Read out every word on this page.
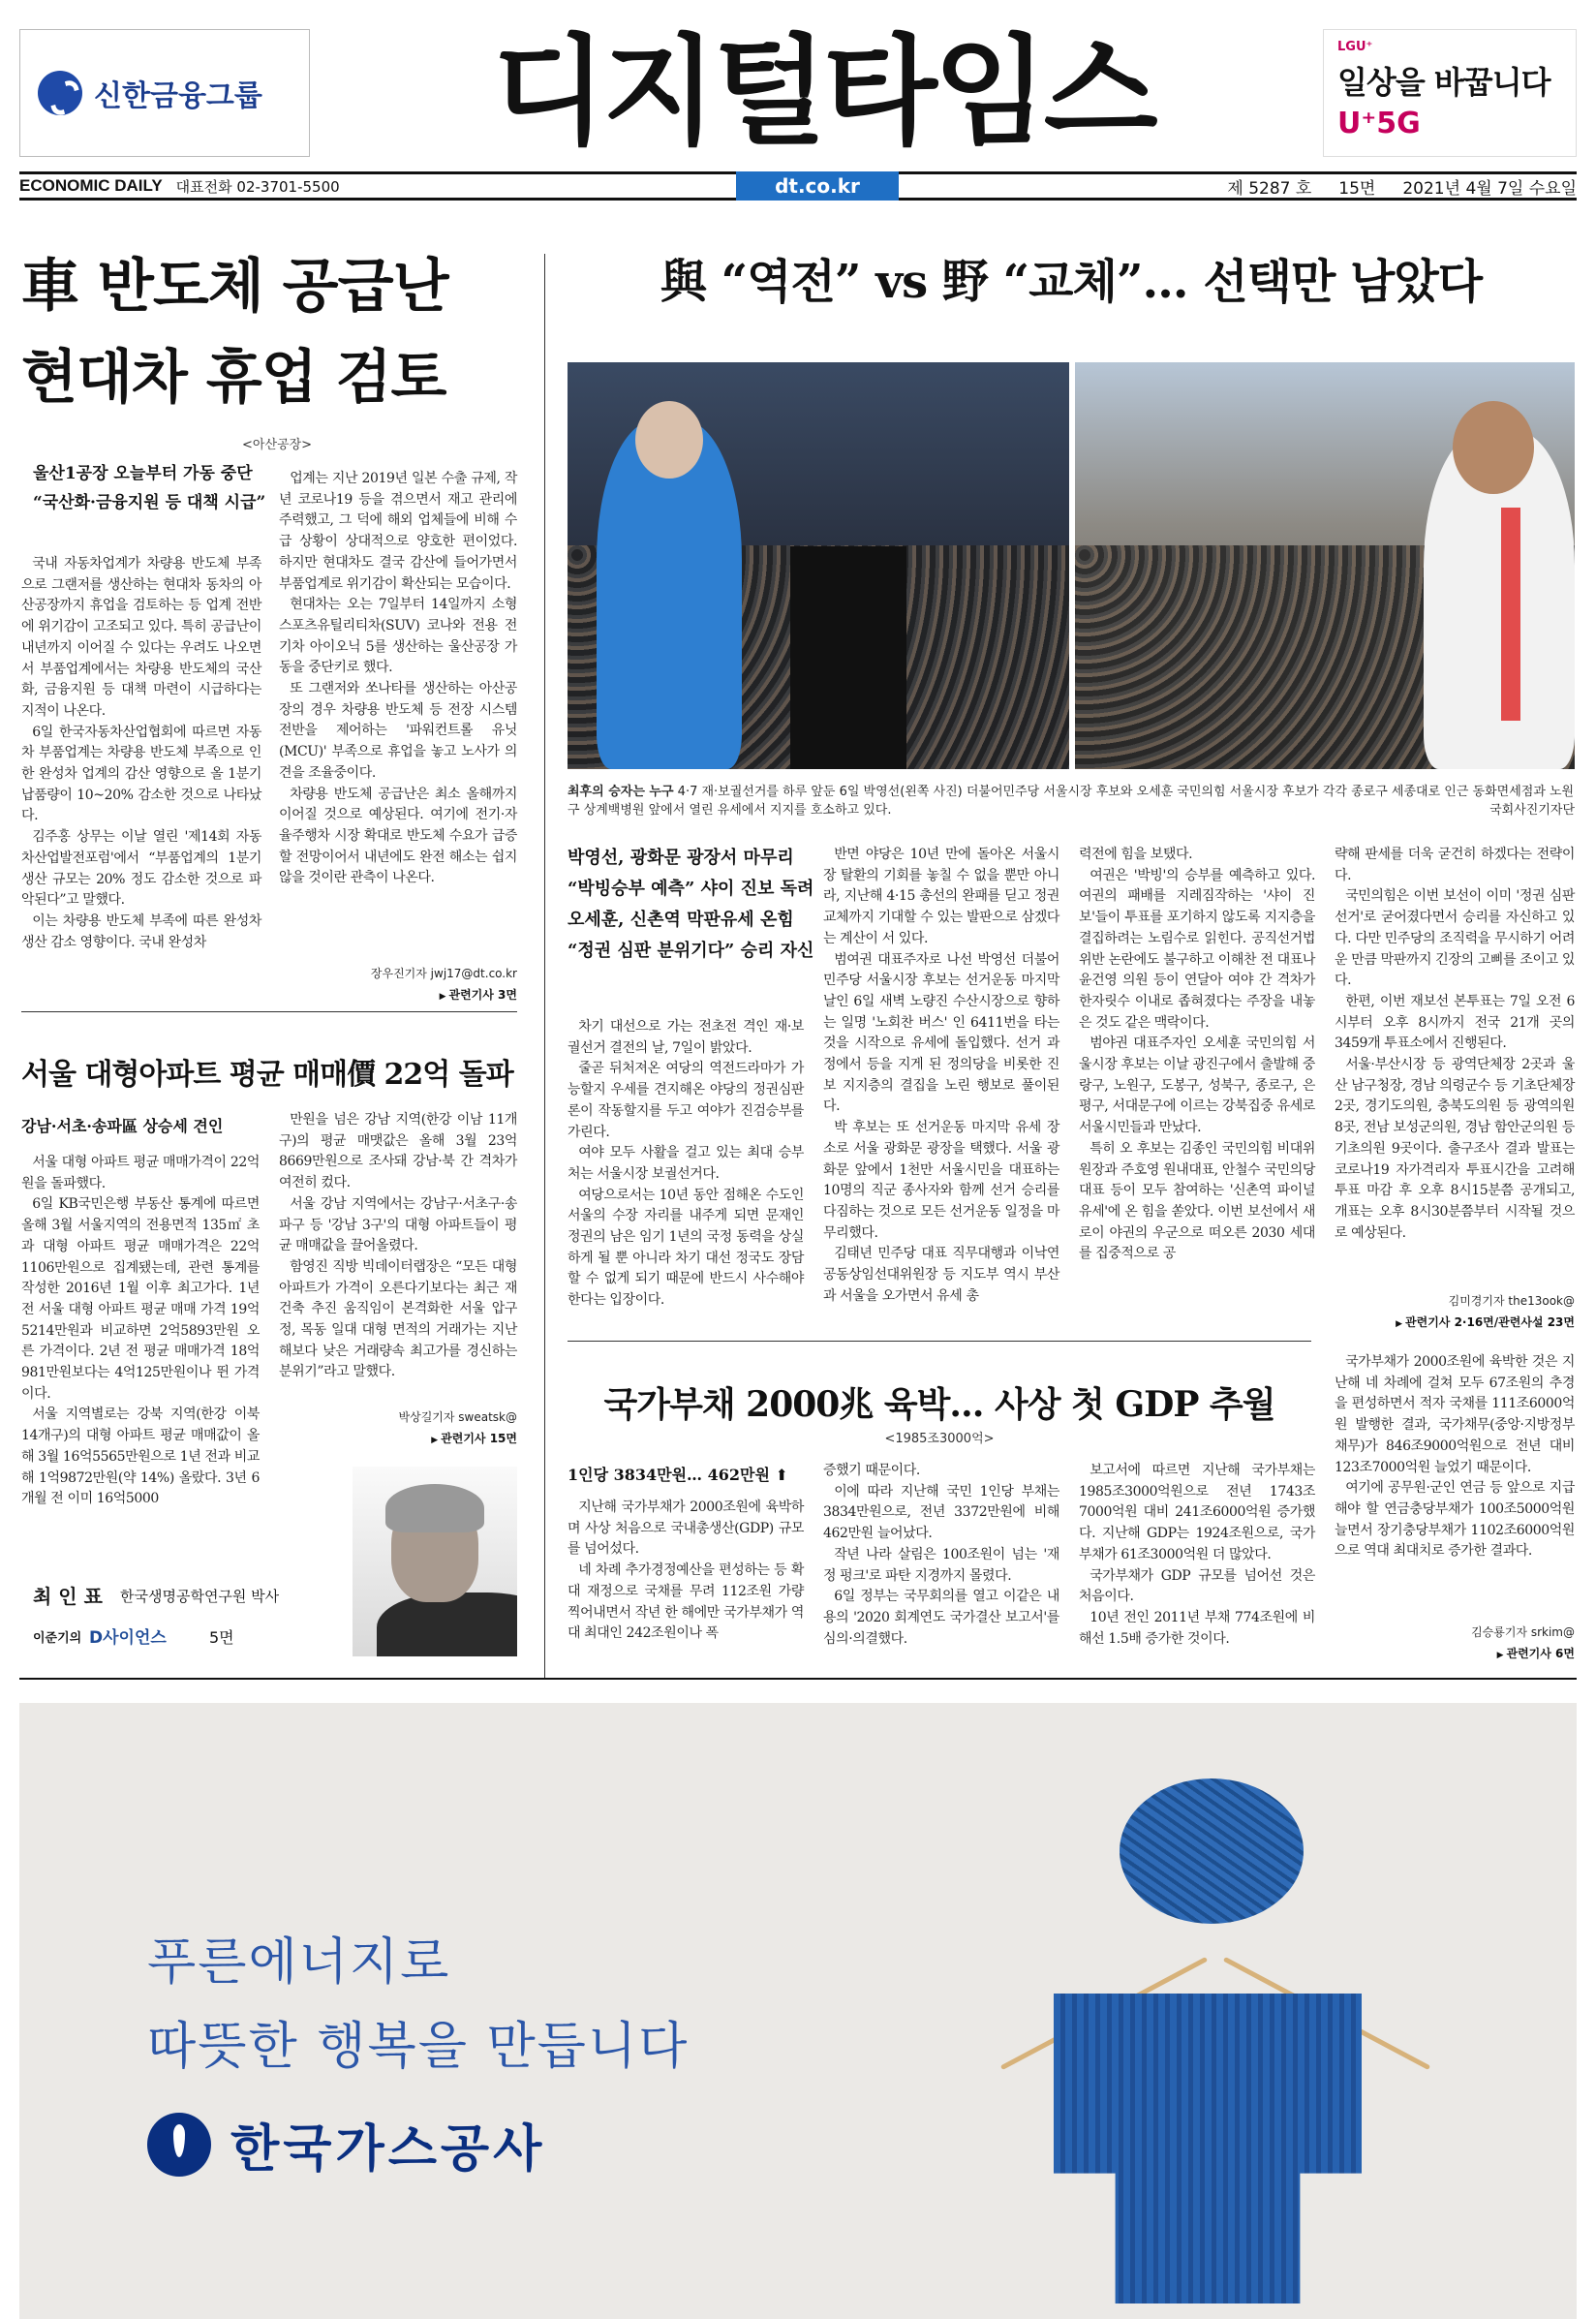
신한금융그룹 디지털타임스	LGU⁺
일상을 바꿉니다
U⁺5G
ECONOMIC DAILY 대표전화 02-3701-5500	dt.co.kr	제 5287 호 15면 2021년 4월 7일 수요일
車 반도체 공급난
현대차 휴업 검토
<아산공장>
울산1공장 오늘부터 가동 중단
“국산화·금융지원 등 대책 시급”

국내 자동차업계가 차량용 반도체 부족으로 그랜저를 생산하는 현대차 동차의 아산공장까지 휴업을 검토하는 등 업계 전반에 위기감이 고조되고 있다. 특히 공급난이 내년까지 이어질 수 있다는 우려도 나오면서 부품업계에서는 차량용 반도체의 국산화, 금융지원 등 대책 마련이 시급하다는 지적이 나온다.

6일 한국자동차산업협회에 따르면 자동차 부품업계는 차량용 반도체 부족으로 인한 완성차 업계의 감산 영향으로 올 1분기 납품량이 10~20% 감소한 것으로 나타났다.

김주홍 상무는 이날 열린 '제14회 자동차산업발전포럼'에서 “부품업계의 1분기 생산 규모는 20% 정도 감소한 것으로 파악된다”고 말했다.

이는 차량용 반도체 부족에 따른 완성차 생산 감소 영향이다. 국내 완성차

업계는 지난 2019년 일본 수출 규제, 작년 코로나19 등을 겪으면서 재고 관리에 주력했고, 그 덕에 해외 업체들에 비해 수급 상황이 상대적으로 양호한 편이었다. 하지만 현대차도 결국 감산에 들어가면서 부품업계로 위기감이 확산되는 모습이다.

현대차는 오는 7일부터 14일까지 소형 스포츠유틸리티차(SUV) 코나와 전용 전기차 아이오닉 5를 생산하는 울산공장 가동을 중단키로 했다.

또 그랜저와 쏘나타를 생산하는 아산공장의 경우 차량용 반도체 등 전장 시스템 전반을 제어하는 '파워컨트롤 유닛(MCU)' 부족으로 휴업을 놓고 노사가 의견을 조율중이다.

차량용 반도체 공급난은 최소 올해까지 이어질 것으로 예상된다. 여기에 전기·자율주행차 시장 확대로 반도체 수요가 급증할 전망이어서 내년에도 완전 해소는 쉽지 않을 것이란 관측이 나온다.

장우진기자 jwj17@dt.co.kr
▶ 관련기사 3면
서울 대형아파트 평균 매매價 22억 돌파
강남·서초·송파區 상승세 견인

서울 대형 아파트 평균 매매가격이 22억원을 돌파했다.

6일 KB국민은행 부동산 통계에 따르면 올해 3월 서울지역의 전용면적 135㎡ 초과 대형 아파트 평균 매매가격은 22억1106만원으로 집계됐는데, 관련 통계를 작성한 2016년 1월 이후 최고가다. 1년 전 서울 대형 아파트 평균 매매 가격 19억5214만원과 비교하면 2억5893만원 오른 가격이다. 2년 전 평균 매매가격 18억981만원보다는 4억125만원이나 뛴 가격이다.

서울 지역별로는 강북 지역(한강 이북 14개구)의 대형 아파트 평균 매매값이 올해 3월 16억5565만원으로 1년 전과 비교해 1억9872만원(약 14%) 올랐다. 3년 6개월 전 이미 16억5000

만원을 넘은 강남 지역(한강 이남 11개구)의 평균 매맷값은 올해 3월 23억 8669만원으로 조사돼 강남·북 간 격차가 여전히 컸다.

서울 강남 지역에서는 강남구·서초구·송파구 등 '강남 3구'의 대형 아파트들이 평균 매매값을 끌어올렸다.

함영진 직방 빅데이터랩장은 “모든 대형아파트가 가격이 오른다기보다는 최근 재건축 추진 움직임이 본격화한 서울 압구정, 목동 일대 대형 면적의 거래가는 지난해보다 낮은 거래량속 최고가를 경신하는 분위기”라고 말했다.

박상길기자 sweatsk@
▶ 관련기사 15면
최 인 표 한국생명공학연구원 박사
이준기의 D사이언스	5면
與 “역전” vs 野 “교체”… 선택만 남았다
최후의 승자는 누구 4·7 재·보궐선거를 하루 앞둔 6일 박영선(왼쪽 사진) 더불어민주당 서울시장 후보와 오세훈 국민의힘 서울시장 후보가 각각 종로구 세종대로 인근 동화면세점과 노원구 상계백병원 앞에서 열린 유세에서 지지를 호소하고 있다.	국회사진기자단
박영선, 광화문 광장서 마무리
“박빙승부 예측” 샤이 진보 독려
오세훈, 신촌역 막판유세 온힘
“정권 심판 분위기다” 승리 자신

차기 대선으로 가는 전초전 격인 재·보궐선거 결전의 날, 7일이 밝았다.

줄곧 뒤처져온 여당의 역전드라마가 가능할지 우세를 견지해온 야당의 정권심판론이 작동할지를 두고 여야가 진검승부를 가린다.

여야 모두 사활을 걸고 있는 최대 승부처는 서울시장 보궐선거다.

여당으로서는 10년 동안 점해온 수도인 서울의 수장 자리를 내주게 되면 문재인 정권의 남은 임기 1년의 국정 동력을 상실하게 될 뿐 아니라 차기 대선 정국도 장담할 수 없게 되기 때문에 반드시 사수해야 한다는 입장이다.

반면 야당은 10년 만에 돌아온 서울시장 탈환의 기회를 놓칠 수 없을 뿐만 아니라, 지난해 4·15 총선의 완패를 딛고 정권교체까지 기대할 수 있는 발판으로 삼겠다는 계산이 서 있다.

범여권 대표주자로 나선 박영선 더불어민주당 서울시장 후보는 선거운동 마지막날인 6일 새벽 노량진 수산시장으로 향하는 일명 '노회찬 버스' 인 6411번을 타는 것을 시작으로 유세에 돌입했다. 선거 과정에서 등을 지게 된 정의당을 비롯한 진보 지지층의 결집을 노린 행보로 풀이된다.

박 후보는 또 선거운동 마지막 유세 장소로 서울 광화문 광장을 택했다. 서울 광화문 앞에서 1천만 서울시민을 대표하는 10명의 직군 종사자와 함께 선거 승리를 다짐하는 것으로 모든 선거운동 일정을 마무리했다.

김태년 민주당 대표 직무대행과 이낙연 공동상임선대위원장 등 지도부 역시 부산과 서울을 오가면서 유세 총

력전에 힘을 보탰다.

여권은 '박빙'의 승부를 예측하고 있다. 여권의 패배를 지레짐작하는 '샤이 진보'들이 투표를 포기하지 않도록 지지층을 결집하려는 노림수로 읽힌다. 공직선거법 위반 논란에도 불구하고 이해찬 전 대표나 윤건영 의원 등이 연달아 여야 간 격차가 한자릿수 이내로 좁혀졌다는 주장을 내놓은 것도 같은 맥락이다.

범야권 대표주자인 오세훈 국민의힘 서울시장 후보는 이날 광진구에서 출발해 중랑구, 노원구, 도봉구, 성북구, 종로구, 은평구, 서대문구에 이르는 강북집중 유세로 서울시민들과 만났다.

특히 오 후보는 김종인 국민의힘 비대위원장과 주호영 원내대표, 안철수 국민의당 대표 등이 모두 참여하는 '신촌역 파이널 유세'에 온 힘을 쏟았다. 이번 보선에서 새로이 야권의 우군으로 떠오른 2030 세대를 집중적으로 공

략해 판세를 더욱 굳건히 하겠다는 전략이다.

국민의힘은 이번 보선이 이미 '정권 심판 선거'로 굳어졌다면서 승리를 자신하고 있다. 다만 민주당의 조직력을 무시하기 어려운 만큼 막판까지 긴장의 고삐를 조이고 있다.

한편, 이번 재보선 본투표는 7일 오전 6시부터 오후 8시까지 전국 21개 곳의 3459개 투표소에서 진행된다.

서울·부산시장 등 광역단체장 2곳과 울산 남구청장, 경남 의령군수 등 기초단체장 2곳, 경기도의원, 충북도의원 등 광역의원 8곳, 전남 보성군의원, 경남 함안군의원 등 기초의원 9곳이다. 출구조사 결과 발표는 코로나19 자가격리자 투표시간을 고려해 투표 마감 후 오후 8시15분쯤 공개되고, 개표는 오후 8시30분쯤부터 시작될 것으로 예상된다.

김미경기자 the13ook@
▶ 관련기사 2·16면/관련사설 23면
국가부채 2000兆 육박… 사상 첫 GDP 추월
<1985조3000억>
1인당 3834만원… 462만원 ⬆

지난해 국가부채가 2000조원에 육박하며 사상 처음으로 국내총생산(GDP) 규모를 넘어섰다.

네 차례 추가경정예산을 편성하는 등 확대 재정으로 국채를 무려 112조원 가량 찍어내면서 작년 한 해에만 국가부채가 역대 최대인 242조원이나 폭

증했기 때문이다.

이에 따라 지난해 국민 1인당 부채는 3834만원으로, 전년 3372만원에 비해 462만원 늘어났다.

작년 나라 살림은 100조원이 넘는 '재정 펑크'로 파탄 지경까지 몰렸다.

6일 정부는 국무회의를 열고 이같은 내용의 '2020 회계연도 국가결산 보고서'를 심의·의결했다.

보고서에 따르면 지난해 국가부채는 1985조3000억원으로 전년 1743조7000억원 대비 241조6000억원 증가했다. 지난해 GDP는 1924조원으로, 국가부채가 61조3000억원 더 많았다.

국가부채가 GDP 규모를 넘어선 것은 처음이다.

10년 전인 2011년 부채 774조원에 비해선 1.5배 증가한 것이다.

국가부채가 2000조원에 육박한 것은 지난해 네 차례에 걸쳐 모두 67조원의 추경을 편성하면서 적자 국채를 111조6000억원 발행한 결과, 국가채무(중앙·지방정부 채무)가 846조9000억원으로 전년 대비 123조7000억원 늘었기 때문이다.

여기에 공무원·군인 연금 등 앞으로 지급해야 할 연금충당부채가 100조5000억원 늘면서 장기충당부채가 1102조6000억원으로 역대 최대치로 증가한 결과다.

김승룡기자 srkim@
▶ 관련기사 6면
푸른에너지로
따뜻한 행복을 만듭니다
한국가스공사
